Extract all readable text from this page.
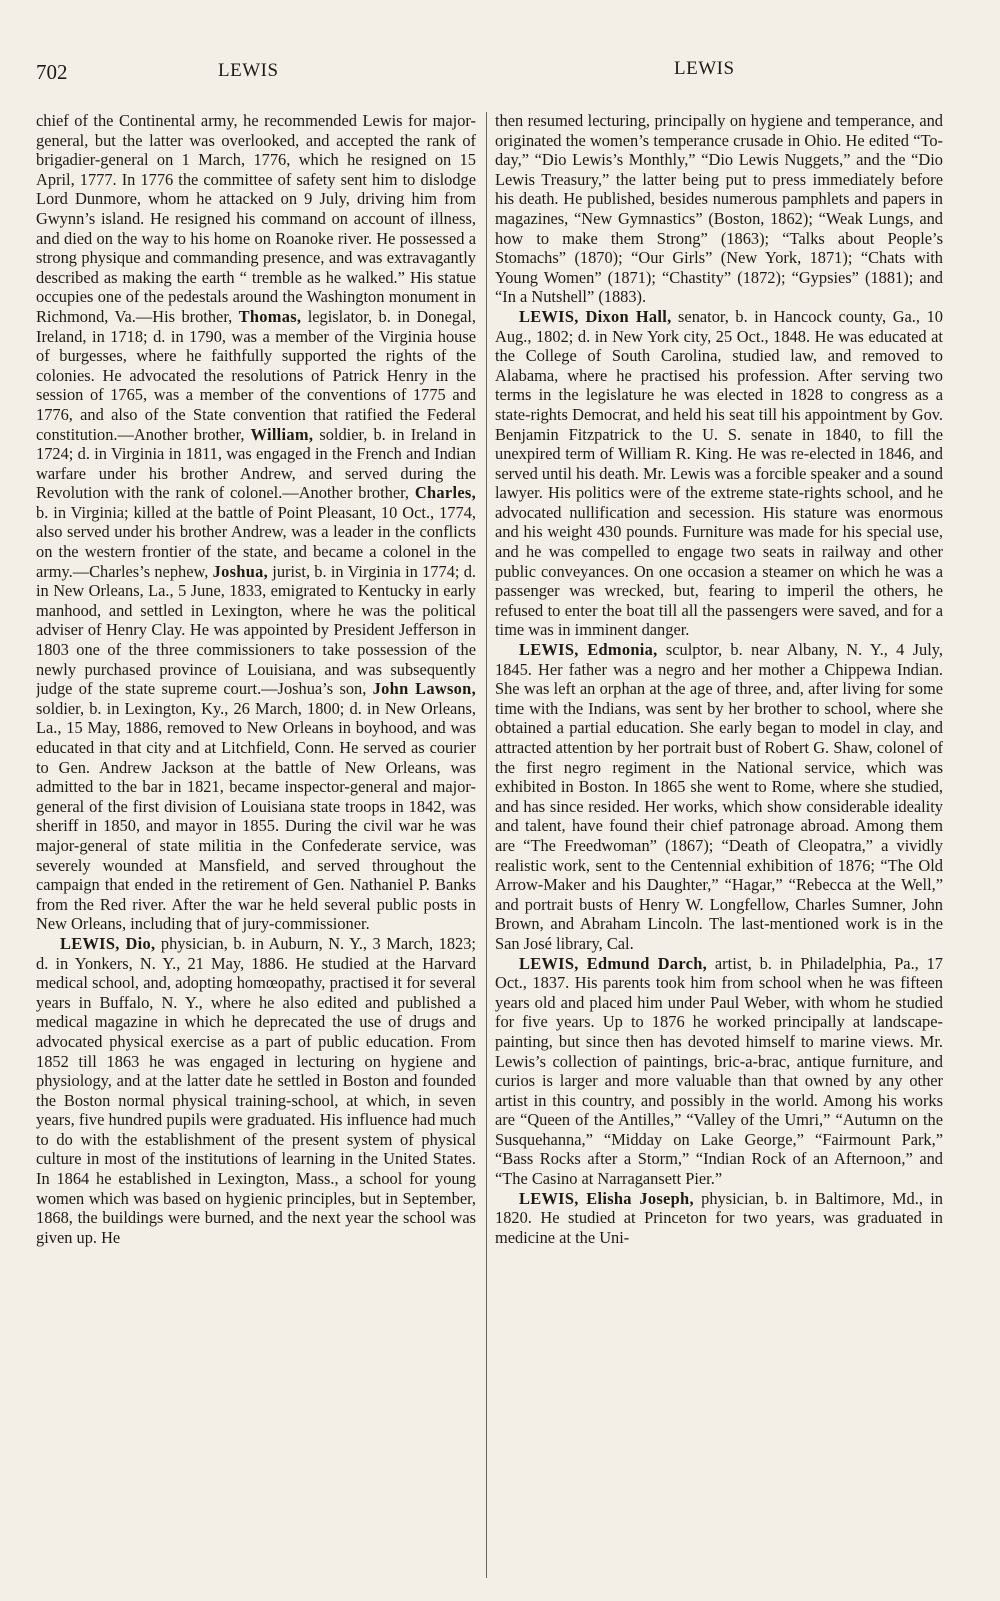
702	LEWIS	LEWIS

chief of the Continental army, he recommended Lewis for major-general, but the latter was overlooked, and accepted the rank of brigadier-general on 1 March, 1776, which he resigned on 15 April, 1777. In 1776 the committee of safety sent him to dislodge Lord Dunmore, whom he attacked on 9 July, driving him from Gwynn’s island. He resigned his command on account of illness, and died on the way to his home on Roanoke river. He possessed a strong physique and commanding presence, and was extravagantly described as making the earth “ tremble as he walked.” His statue occupies one of the pedestals around the Washington monument in Richmond, Va.—His brother, Thomas, legislator, b. in Donegal, Ireland, in 1718; d. in 1790, was a member of the Virginia house of burgesses, where he faithfully supported the rights of the colonies. He advocated the resolutions of Patrick Henry in the session of 1765, was a member of the conventions of 1775 and 1776, and also of the State convention that ratified the Federal constitution.—Another brother, William, soldier, b. in Ireland in 1724; d. in Virginia in 1811, was engaged in the French and Indian warfare under his brother Andrew, and served during the Revolution with the rank of colonel.—Another brother, Charles, b. in Virginia; killed at the battle of Point Pleasant, 10 Oct., 1774, also served under his brother Andrew, was a leader in the conflicts on the western frontier of the state, and became a colonel in the army.—Charles’s nephew, Joshua, jurist, b. in Virginia in 1774; d. in New Orleans, La., 5 June, 1833, emigrated to Kentucky in early manhood, and settled in Lexington, where he was the political adviser of Henry Clay. He was appointed by President Jefferson in 1803 one of the three commissioners to take possession of the newly purchased province of Louisiana, and was subsequently judge of the state supreme court.—Joshua’s son, John Lawson, soldier, b. in Lexington, Ky., 26 March, 1800; d. in New Orleans, La., 15 May, 1886, removed to New Orleans in boyhood, and was educated in that city and at Litchfield, Conn. He served as courier to Gen. Andrew Jackson at the battle of New Orleans, was admitted to the bar in 1821, became inspector-general and major-general of the first division of Louisiana state troops in 1842, was sheriff in 1850, and mayor in 1855. During the civil war he was major-general of state militia in the Confederate service, was severely wounded at Mansfield, and served throughout the campaign that ended in the retirement of Gen. Nathaniel P. Banks from the Red river. After the war he held several public posts in New Orleans, including that of jury-commissioner.

LEWIS, Dio, physician, b. in Auburn, N. Y., 3 March, 1823; d. in Yonkers, N. Y., 21 May, 1886. He studied at the Harvard medical school, and, adopting homœopathy, practised it for several years in Buffalo, N. Y., where he also edited and published a medical magazine in which he deprecated the use of drugs and advocated physical exercise as a part of public education. From 1852 till 1863 he was engaged in lecturing on hygiene and physiology, and at the latter date he settled in Boston and founded the Boston normal physical training-school, at which, in seven years, five hundred pupils were graduated. His influence had much to do with the establishment of the present system of physical culture in most of the institutions of learning in the United States. In 1864 he established in Lexington, Mass., a school for young women which was based on hygienic principles, but in September, 1868, the buildings were burned, and the next year the school was given up. He

then resumed lecturing, principally on hygiene and temperance, and originated the women’s temperance crusade in Ohio. He edited “To-day,” “Dio Lewis’s Monthly,” “Dio Lewis Nuggets,” and the “Dio Lewis Treasury,” the latter being put to press immediately before his death. He published, besides numerous pamphlets and papers in magazines, “New Gymnastics” (Boston, 1862); “Weak Lungs, and how to make them Strong” (1863); “Talks about People’s Stomachs” (1870); “Our Girls” (New York, 1871); “Chats with Young Women” (1871); “Chastity” (1872); “Gypsies” (1881); and “In a Nutshell” (1883).

LEWIS, Dixon Hall, senator, b. in Hancock county, Ga., 10 Aug., 1802; d. in New York city, 25 Oct., 1848. He was educated at the College of South Carolina, studied law, and removed to Alabama, where he practised his profession. After serving two terms in the legislature he was elected in 1828 to congress as a state-rights Democrat, and held his seat till his appointment by Gov. Benjamin Fitzpatrick to the U. S. senate in 1840, to fill the unexpired term of William R. King. He was re-elected in 1846, and served until his death. Mr. Lewis was a forcible speaker and a sound lawyer. His politics were of the extreme state-rights school, and he advocated nullification and secession. His stature was enormous and his weight 430 pounds. Furniture was made for his special use, and he was compelled to engage two seats in railway and other public conveyances. On one occasion a steamer on which he was a passenger was wrecked, but, fearing to imperil the others, he refused to enter the boat till all the passengers were saved, and for a time was in imminent danger.

LEWIS, Edmonia, sculptor, b. near Albany, N. Y., 4 July, 1845. Her father was a negro and her mother a Chippewa Indian. She was left an orphan at the age of three, and, after living for some time with the Indians, was sent by her brother to school, where she obtained a partial education. She early began to model in clay, and attracted attention by her portrait bust of Robert G. Shaw, colonel of the first negro regiment in the National service, which was exhibited in Boston. In 1865 she went to Rome, where she studied, and has since resided. Her works, which show considerable ideality and talent, have found their chief patronage abroad. Among them are “The Freedwoman” (1867); “Death of Cleopatra,” a vividly realistic work, sent to the Centennial exhibition of 1876; “The Old Arrow-Maker and his Daughter,” “Hagar,” “Rebecca at the Well,” and portrait busts of Henry W. Longfellow, Charles Sumner, John Brown, and Abraham Lincoln. The last-mentioned work is in the San José library, Cal.

LEWIS, Edmund Darch, artist, b. in Philadelphia, Pa., 17 Oct., 1837. His parents took him from school when he was fifteen years old and placed him under Paul Weber, with whom he studied for five years. Up to 1876 he worked principally at landscape-painting, but since then has devoted himself to marine views. Mr. Lewis’s collection of paintings, bric-a-brac, antique furniture, and curios is larger and more valuable than that owned by any other artist in this country, and possibly in the world. Among his works are “Queen of the Antilles,” “Valley of the Umri,” “Autumn on the Susquehanna,” “Midday on Lake George,” “Fairmount Park,” “Bass Rocks after a Storm,” “Indian Rock of an Afternoon,” and “The Casino at Narragansett Pier.”

LEWIS, Elisha Joseph, physician, b. in Baltimore, Md., in 1820. He studied at Princeton for two years, was graduated in medicine at the Uni-
